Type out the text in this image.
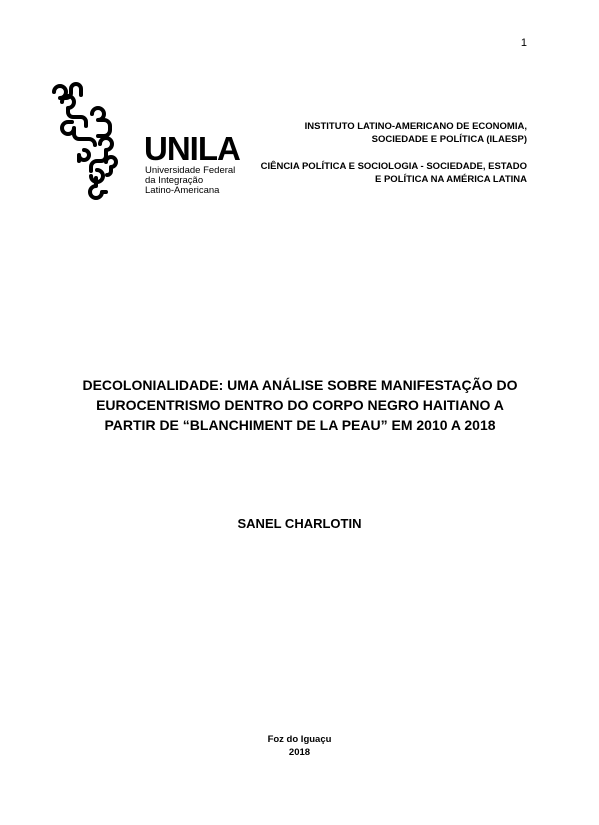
1
UNILA
Universidade Federal
da Integração
Latino-Americana
INSTITUTO LATINO-AMERICANO DE ECONOMIA,
SOCIEDADE E POLÍTICA (ILAESP)
CIÊNCIA POLÍTICA E SOCIOLOGIA - SOCIEDADE, ESTADO
E POLÍTICA NA AMÉRICA LATINA
DECOLONIALIDADE: UMA ANÁLISE SOBRE MANIFESTAÇÃO DO
EUROCENTRISMO DENTRO DO CORPO NEGRO HAITIANO A
PARTIR DE “BLANCHIMENT DE LA PEAU” EM 2010 A 2018
SANEL CHARLOTIN
Foz do Iguaçu
2018
